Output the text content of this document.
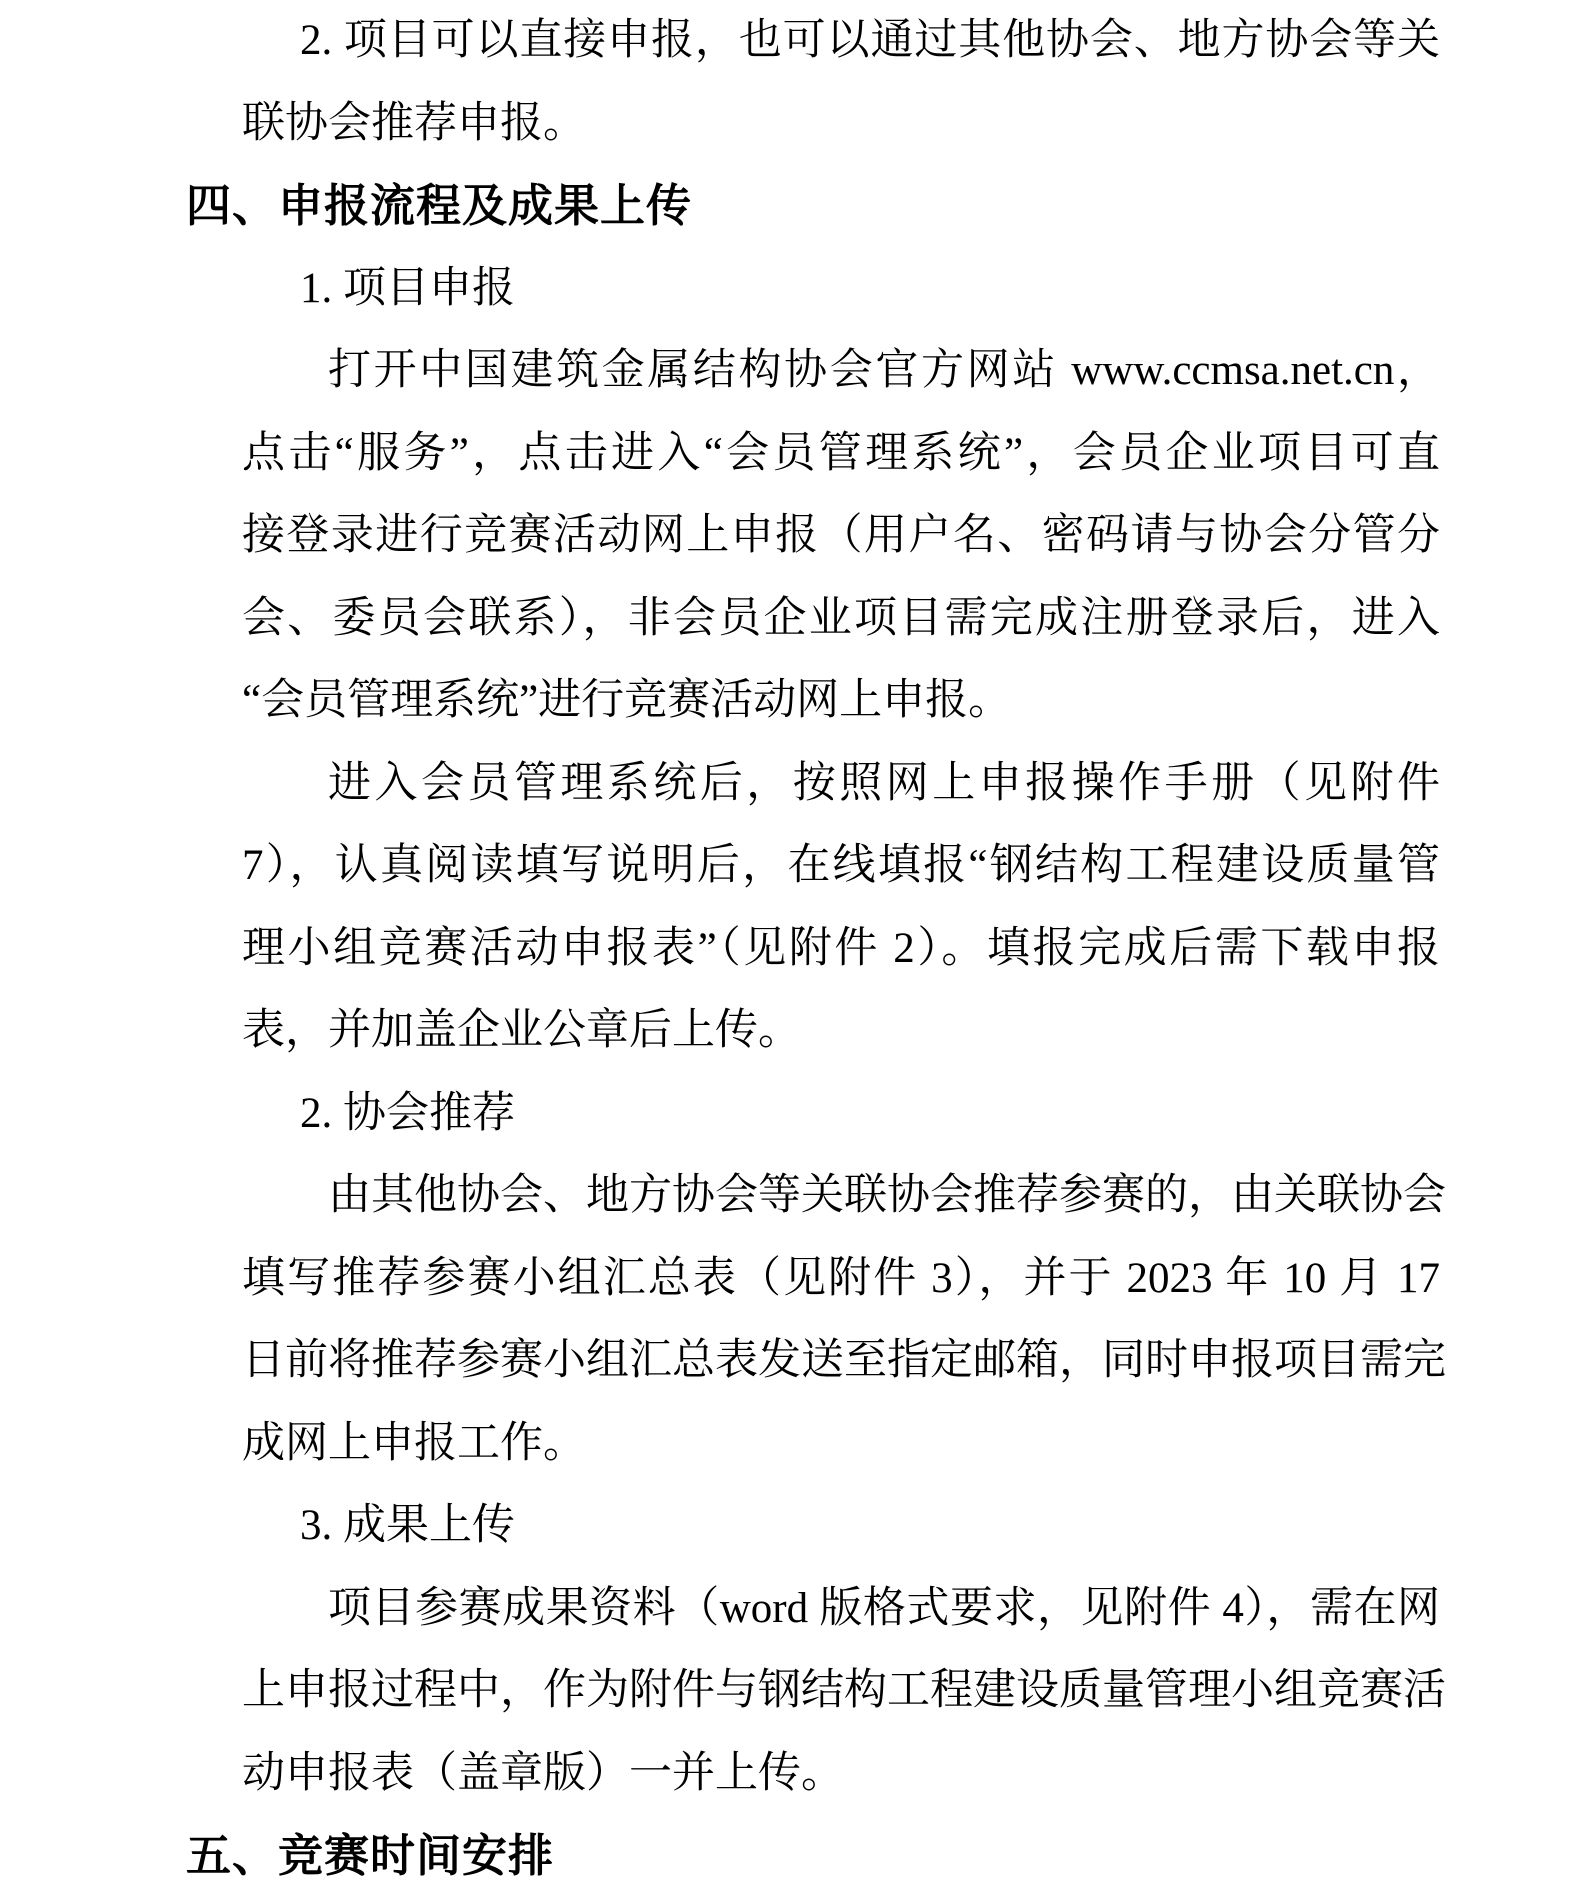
2. 项目可以直接申报，也可以通过其他协会、地方协会等关
联协会推荐申报。
四、申报流程及成果上传
1. 项目申报
打开中国建筑金属结构协会官方网站 www.ccmsa.net.cn，
点击“服务”，点击进入“会员管理系统”，会员企业项目可直
接登录进行竞赛活动网上申报（用户名、密码请与协会分管分
会、委员会联系），非会员企业项目需完成注册登录后，进入
“会员管理系统”进行竞赛活动网上申报。
进入会员管理系统后，按照网上申报操作手册（见附件
7），认真阅读填写说明后，在线填报“钢结构工程建设质量管
理小组竞赛活动申报表”（见附件 2）。填报完成后需下载申报
表，并加盖企业公章后上传。
2. 协会推荐
由其他协会、地方协会等关联协会推荐参赛的，由关联协会
填写推荐参赛小组汇总表（见附件 3），并于 2023 年 10 月 17
日前将推荐参赛小组汇总表发送至指定邮箱，同时申报项目需完
成网上申报工作。
3. 成果上传
项目参赛成果资料（word 版格式要求，见附件 4），需在网
上申报过程中，作为附件与钢结构工程建设质量管理小组竞赛活
动申报表（盖章版）一并上传。
五、竞赛时间安排
